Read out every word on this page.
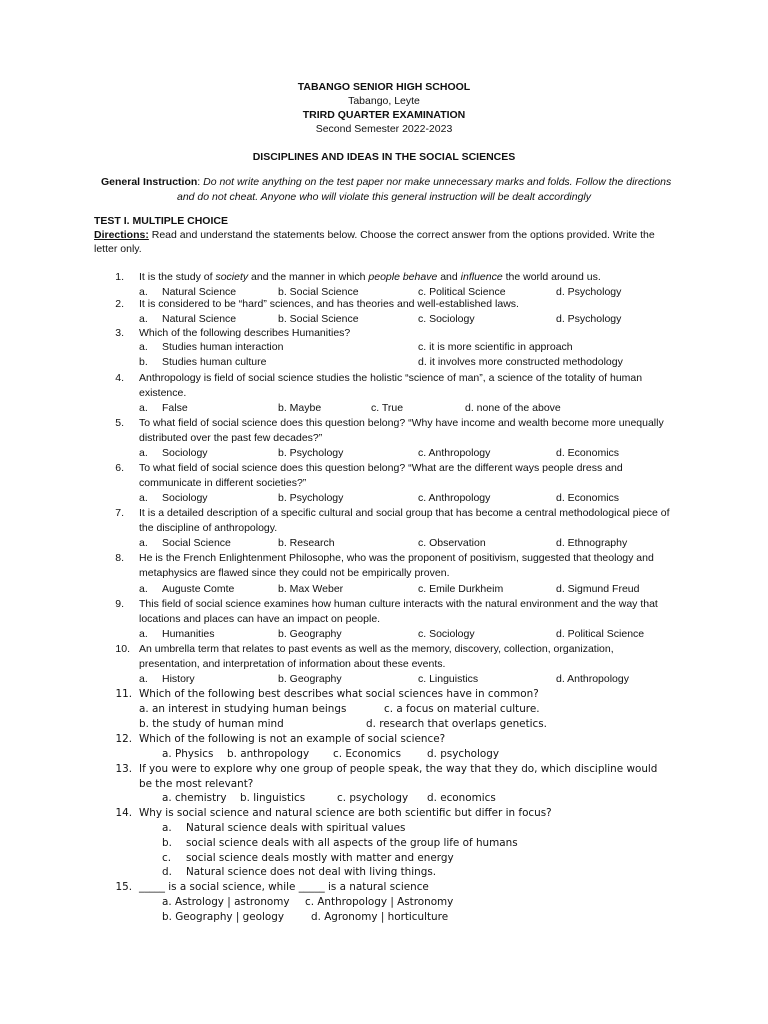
TABANGO SENIOR HIGH SCHOOL
Tabango, Leyte
TRIRD QUARTER EXAMINATION
Second Semester 2022-2023
DISCIPLINES AND IDEAS IN THE SOCIAL SCIENCES
General Instruction: Do not write anything on the test paper nor make unnecessary marks and folds. Follow the directions
and do not cheat. Anyone who will violate this general instruction will be dealt accordingly
TEST I. MULTIPLE CHOICE
Directions: Read and understand the statements below. Choose the correct answer from the options provided. Write the
letter only.
1. It is the study of society and the manner in which people behave and influence the world around us.
a. Natural Science	b. Social Science	c. Political Science	d. Psychology
2. It is considered to be “hard” sciences, and has theories and well-established laws.
a. Natural Science	b. Social Science	c. Sociology	d. Psychology
3. Which of the following describes Humanities?
a. Studies human interaction	c. it is more scientific in approach
b. Studies human culture	d. it involves more constructed methodology
4. Anthropology is field of social science studies the holistic “science of man”, a science of the totality of human
existence.
a. False	b. Maybe	c. True	d. none of the above
5. To what field of social science does this question belong? “Why have income and wealth become more unequally
distributed over the past few decades?”
a. Sociology	b. Psychology	c. Anthropology	d. Economics
6. To what field of social science does this question belong? “What are the different ways people dress and
communicate in different societies?”
a. Sociology	b. Psychology	c. Anthropology	d. Economics
7. It is a detailed description of a specific cultural and social group that has become a central methodological piece of
the discipline of anthropology.
a. Social Science	b. Research	c. Observation	d. Ethnography
8. He is the French Enlightenment Philosophe, who was the proponent of positivism, suggested that theology and
metaphysics are flawed since they could not be empirically proven.
a. Auguste Comte	b. Max Weber	c. Emile Durkheim	d. Sigmund Freud
9. This field of social science examines how human culture interacts with the natural environment and the way that
locations and places can have an impact on people.
a. Humanities	b. Geography	c. Sociology	d. Political Science
10. An umbrella term that relates to past events as well as the memory, discovery, collection, organization,
presentation, and interpretation of information about these events.
a. History	b. Geography	c. Linguistics	d. Anthropology
11. Which of the following best describes what social sciences have in common?
a. an interest in studying human beings	c. a focus on material culture.
b. the study of human mind	d. research that overlaps genetics.
12. Which of the following is not an example of social science?
a. Physics b. anthropology c. Economics d. psychology
13. If you were to explore why one group of people speak, the way that they do, which discipline would
be the most relevant?
a. chemistry b. linguistics	c. psychology d. economics
14. Why is social science and natural science are both scientific but differ in focus?
a. Natural science deals with spiritual values
b. social science deals with all aspects of the group life of humans
c. social science deals mostly with matter and energy
d. Natural science does not deal with living things.
15. _____ is a social science, while _____ is a natural science
a. Astrology | astronomy c. Anthropology | Astronomy
b. Geography | geology	d. Agronomy | horticulture
